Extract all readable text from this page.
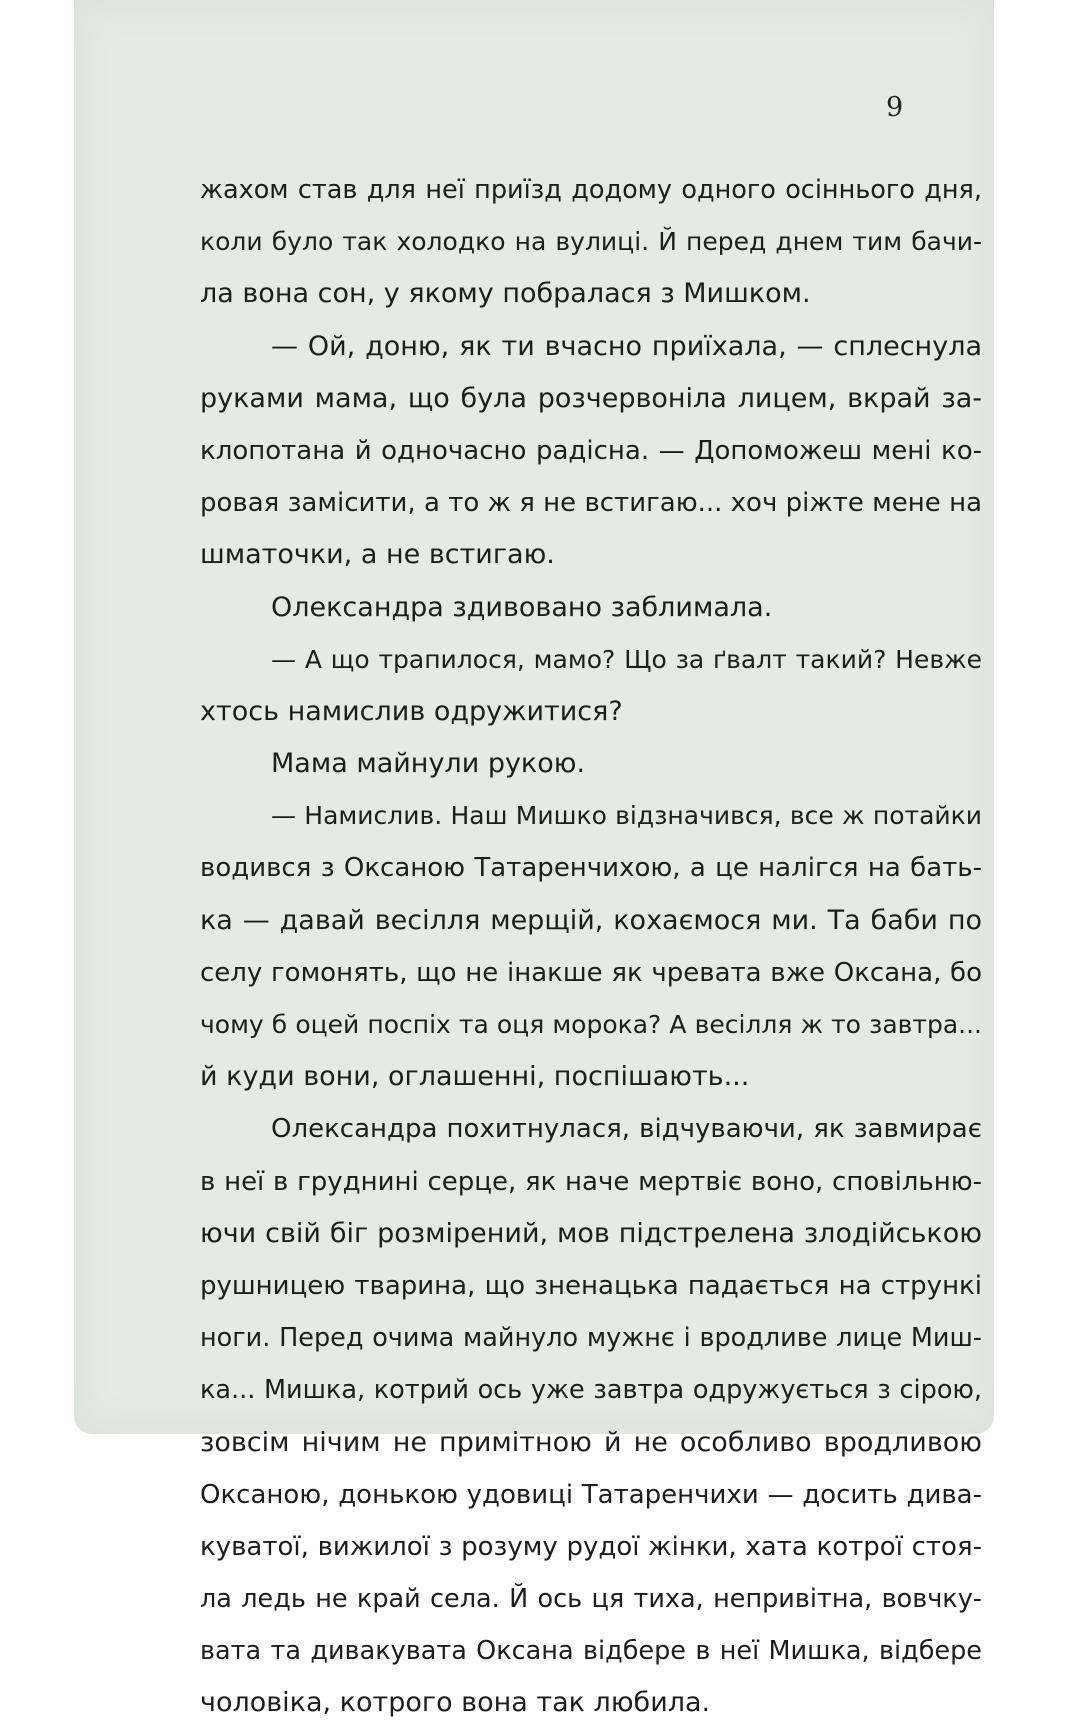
9

жахом став для неї приїзд додому одного осіннього дня,

коли було так холодко на вулиці. Й перед днем тим бачи-

ла вона сон, у якому побралася з Мишком.

— Ой, доню, як ти вчасно приїхала, — сплеснула

руками мама, що була розчервоніла лицем, вкрай за-

клопотана й одночасно радісна. — Допоможеш мені ко-

ровая замісити, а то ж я не встигаю... хоч ріжте мене на

шматочки, а не встигаю.

Олександра здивовано заблимала.

— А що трапилося, мамо? Що за ґвалт такий? Невже

хтось намислив одружитися?

Мама майнули рукою.

— Намислив. Наш Мишко відзначився, все ж потайки

водився з Оксаною Татаренчихою, а це налігся на бать-

ка — давай весілля мерщій, кохаємося ми. Та баби по

селу гомонять, що не інакше як чревата вже Оксана, бо

чому б оцей поспіх та оця морока? А весілля ж то завтра...

й куди вони, оглашенні, поспішають...

Олександра похитнулася, відчуваючи, як завмирає

в неї в груднині серце, як наче мертвіє воно, сповільню-

ючи свій біг розмірений, мов підстрелена злодійською

рушницею тварина, що зненацька падається на стрункі

ноги. Перед очима майнуло мужнє і вродливе лице Миш-

ка... Мишка, котрий ось уже завтра одружується з сірою,

зовсім нічим не примітною й не особливо вродливою

Оксаною, донькою удовиці Татаренчихи — досить дива-

куватої, вижилої з розуму рудої жінки, хата котрої стоя-

ла ледь не край села. Й ось ця тиха, непривітна, вовчку-

вата та дивакувата Оксана відбере в неї Мишка, відбере

чоловіка, котрого вона так любила.
